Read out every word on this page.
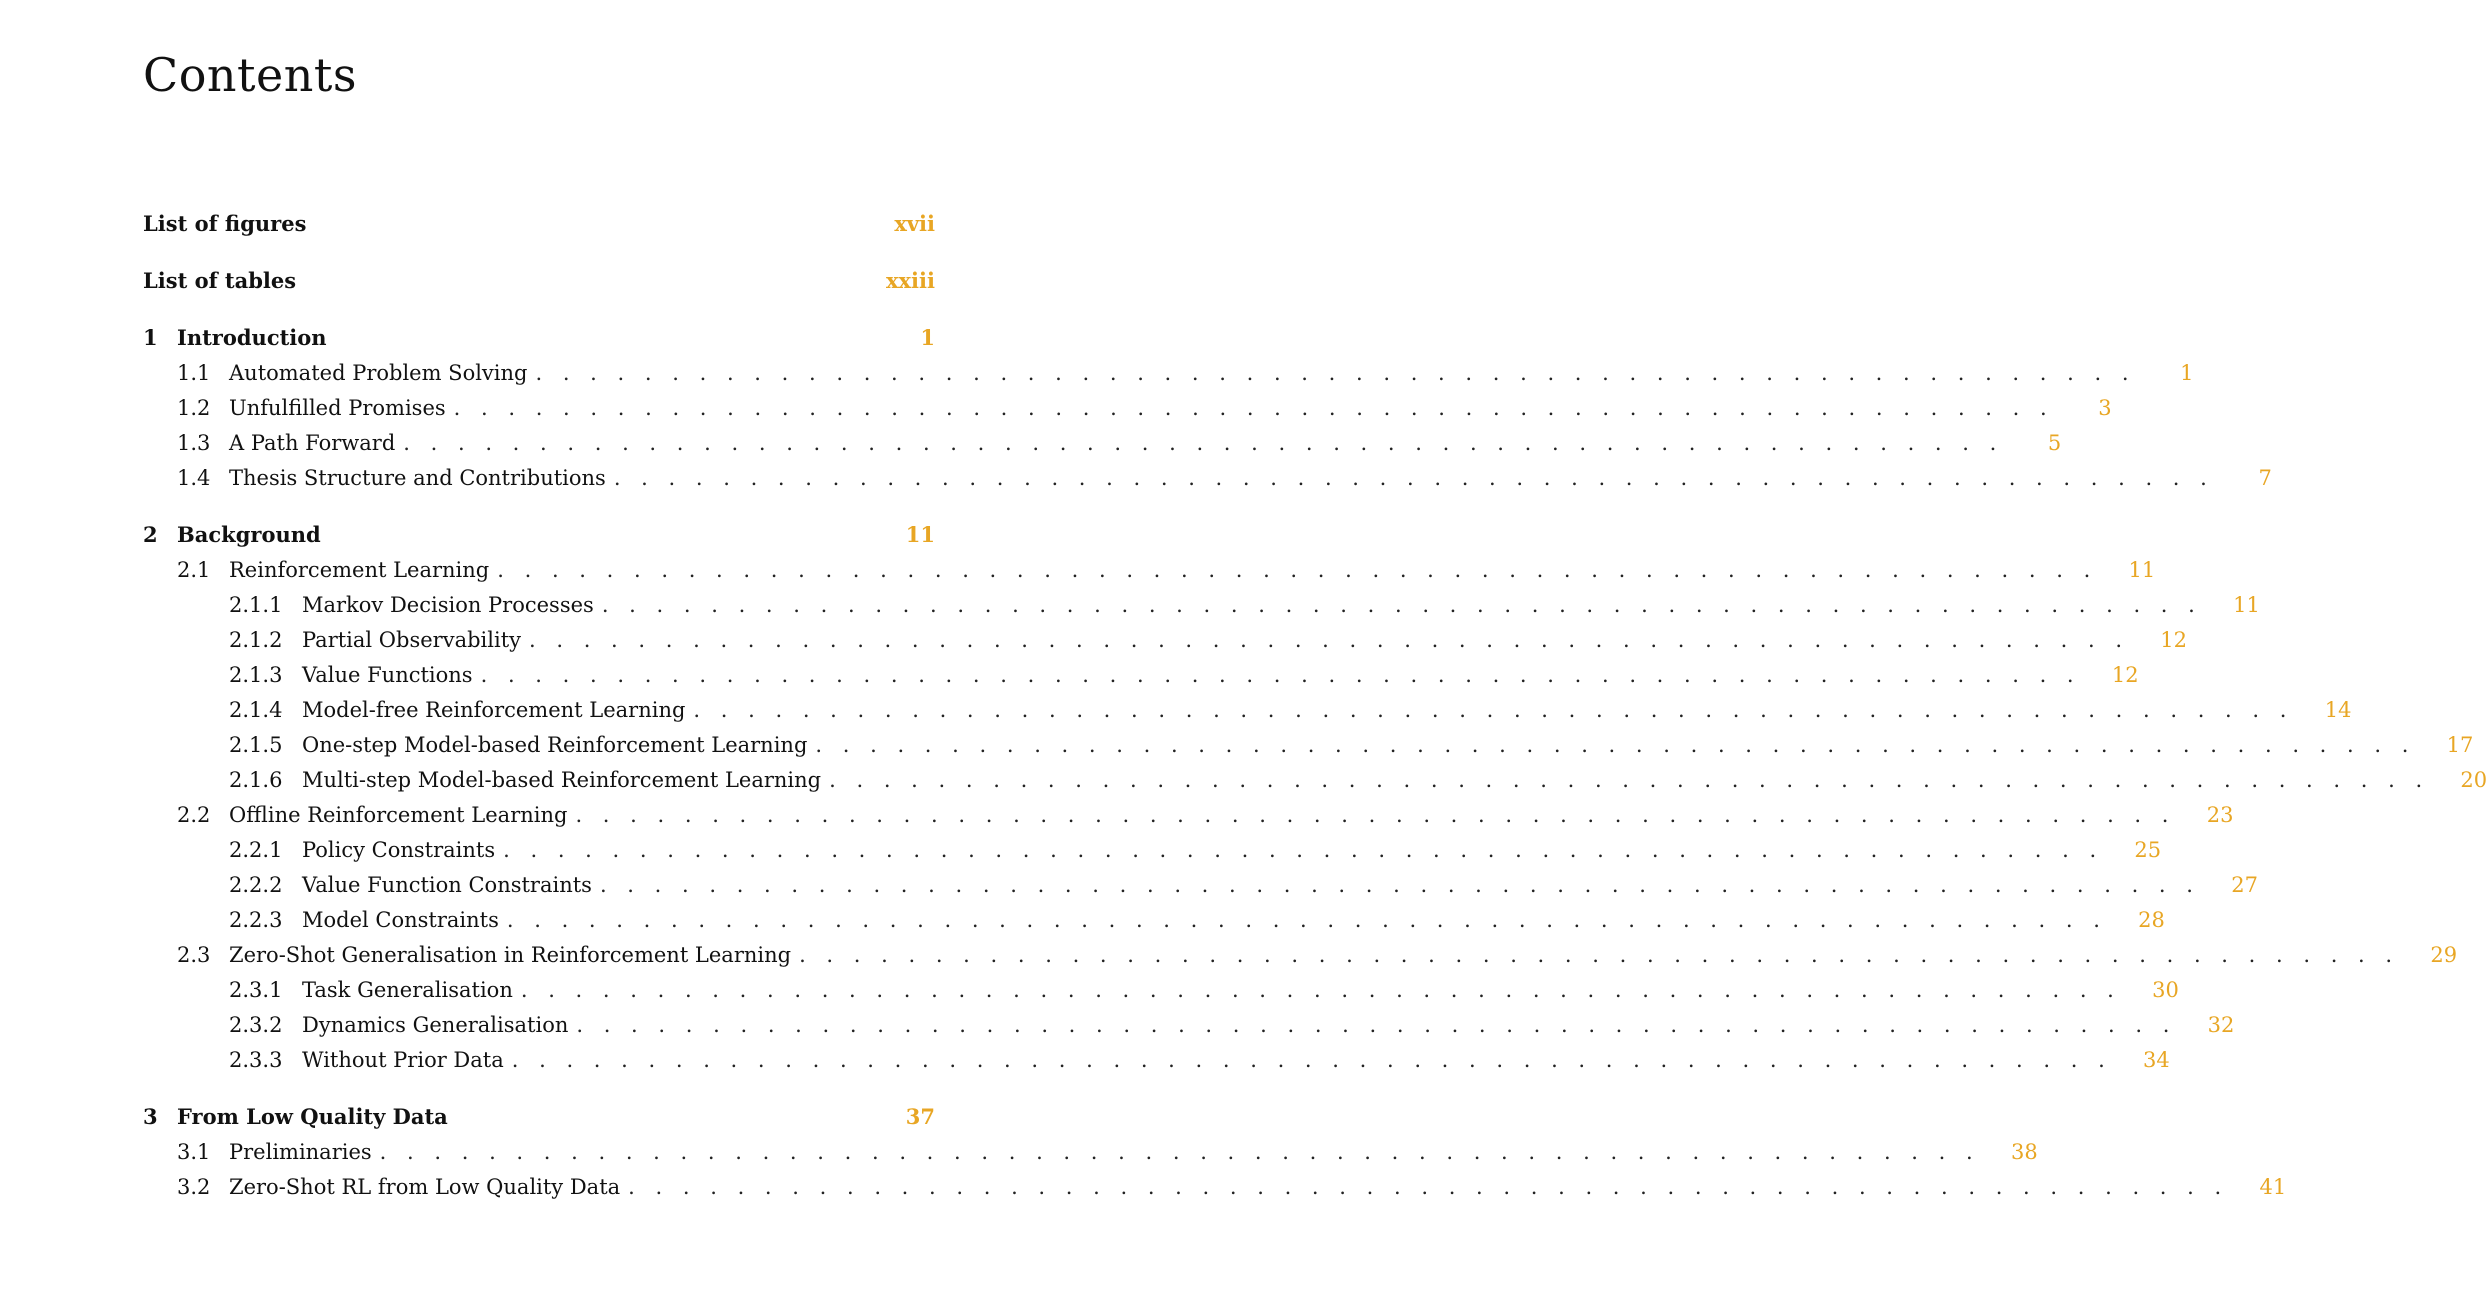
Contents
List of figures	xvii
List of tables	xxiii
1 Introduction	1
1.1 Automated Problem Solving . . . . . . . . . . . . . . . . . . . . . . . . . . . . . . . . . . . . . . . . . . . . . . . . . . . . . . . . . . .	1
1.2 Unfulfilled Promises . . . . . . . . . . . . . . . . . . . . . . . . . . . . . . . . . . . . . . . . . . . . . . . . . . . . . . . . . . .	3
1.3 A Path Forward . . . . . . . . . . . . . . . . . . . . . . . . . . . . . . . . . . . . . . . . . . . . . . . . . . . . . . . . . . .	5
1.4 Thesis Structure and Contributions . . . . . . . . . . . . . . . . . . . . . . . . . . . . . . . . . . . . . . . . . . . . . . . . . . . . . . . . . . .	7
2 Background	11
2.1 Reinforcement Learning . . . . . . . . . . . . . . . . . . . . . . . . . . . . . . . . . . . . . . . . . . . . . . . . . . . . . . . . . . .	11
2.1.1 Markov Decision Processes . . . . . . . . . . . . . . . . . . . . . . . . . . . . . . . . . . . . . . . . . . . . . . . . . . . . . . . . . . .	11
2.1.2 Partial Observability . . . . . . . . . . . . . . . . . . . . . . . . . . . . . . . . . . . . . . . . . . . . . . . . . . . . . . . . . . .	12
2.1.3 Value Functions . . . . . . . . . . . . . . . . . . . . . . . . . . . . . . . . . . . . . . . . . . . . . . . . . . . . . . . . . . .	12
2.1.4 Model-free Reinforcement Learning . . . . . . . . . . . . . . . . . . . . . . . . . . . . . . . . . . . . . . . . . . . . . . . . . . . . . . . . . . .	14
2.1.5 One-step Model-based Reinforcement Learning . . . . . . . . . . . . . . . . . . . . . . . . . . . . . . . . . . . . . . . . . . . . . . . . . . . . . . . . . . .	17
2.1.6 Multi-step Model-based Reinforcement Learning . . . . . . . . . . . . . . . . . . . . . . . . . . . . . . . . . . . . . . . . . . . . . . . . . . . . . . . . . . .	20
2.2 Offline Reinforcement Learning . . . . . . . . . . . . . . . . . . . . . . . . . . . . . . . . . . . . . . . . . . . . . . . . . . . . . . . . . . .	23
2.2.1 Policy Constraints . . . . . . . . . . . . . . . . . . . . . . . . . . . . . . . . . . . . . . . . . . . . . . . . . . . . . . . . . . .	25
2.2.2 Value Function Constraints . . . . . . . . . . . . . . . . . . . . . . . . . . . . . . . . . . . . . . . . . . . . . . . . . . . . . . . . . . .	27
2.2.3 Model Constraints . . . . . . . . . . . . . . . . . . . . . . . . . . . . . . . . . . . . . . . . . . . . . . . . . . . . . . . . . . .	28
2.3 Zero-Shot Generalisation in Reinforcement Learning . . . . . . . . . . . . . . . . . . . . . . . . . . . . . . . . . . . . . . . . . . . . . . . . . . . . . . . . . . .	29
2.3.1 Task Generalisation . . . . . . . . . . . . . . . . . . . . . . . . . . . . . . . . . . . . . . . . . . . . . . . . . . . . . . . . . . .	30
2.3.2 Dynamics Generalisation . . . . . . . . . . . . . . . . . . . . . . . . . . . . . . . . . . . . . . . . . . . . . . . . . . . . . . . . . . .	32
2.3.3 Without Prior Data . . . . . . . . . . . . . . . . . . . . . . . . . . . . . . . . . . . . . . . . . . . . . . . . . . . . . . . . . . .	34
3 From Low Quality Data	37
3.1 Preliminaries . . . . . . . . . . . . . . . . . . . . . . . . . . . . . . . . . . . . . . . . . . . . . . . . . . . . . . . . . . .	38
3.2 Zero-Shot RL from Low Quality Data . . . . . . . . . . . . . . . . . . . . . . . . . . . . . . . . . . . . . . . . . . . . . . . . . . . . . . . . . . .	41
